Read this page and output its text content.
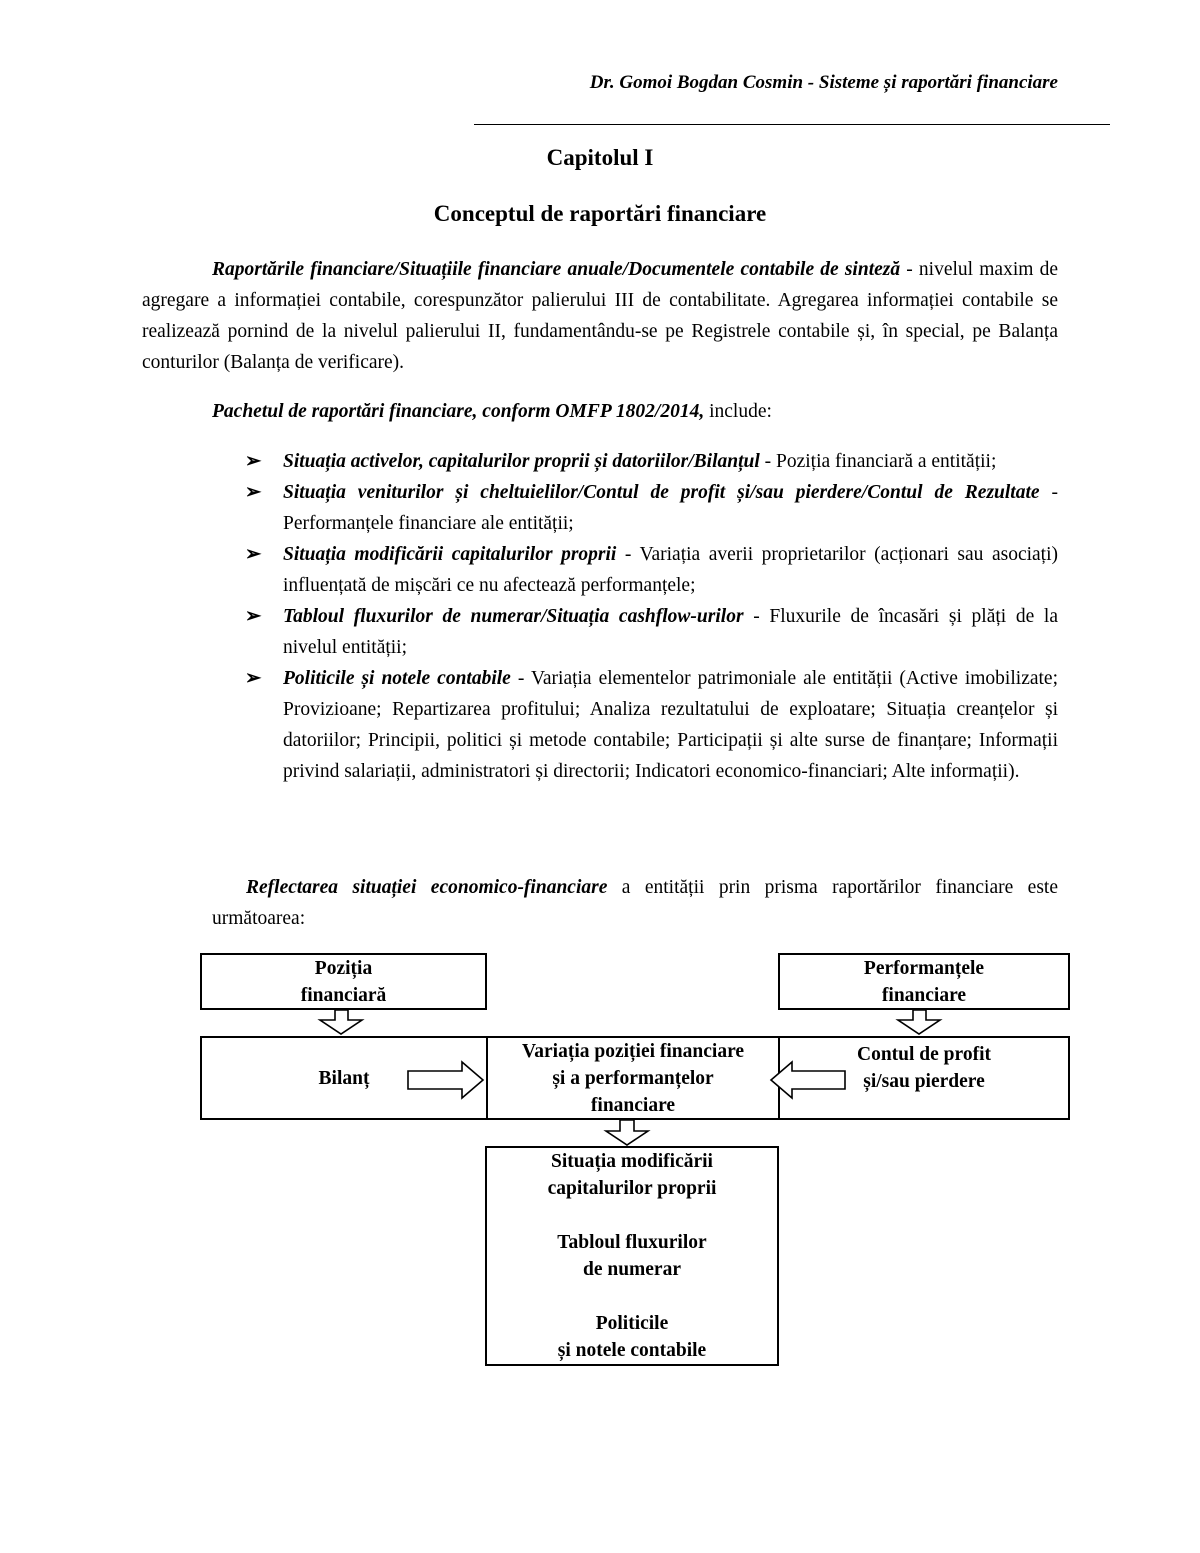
Dr. Gomoi Bogdan Cosmin - Sisteme și raportări financiare
Capitolul I
Conceptul de raportări financiare
Raportările financiare/Situațiile financiare anuale/Documentele contabile de sinteză - nivelul maxim de agregare a informației contabile, corespunzător palierului III de contabilitate. Agregarea informației contabile se realizează pornind de la nivelul palierului II, fundamentându-se pe Registrele contabile și, în special, pe Balanța conturilor (Balanța de verificare).
Pachetul de raportări financiare, conform OMFP 1802/2014, include:
➢ Situația activelor, capitalurilor proprii și datoriilor/Bilanțul - Poziția financiară a entității;
➢ Situația veniturilor și cheltuielilor/Contul de profit și/sau pierdere/Contul de Rezultate - Performanțele financiare ale entității;
➢ Situația modificării capitalurilor proprii - Variația averii proprietarilor (acționari sau asociați) influențată de mișcări ce nu afectează performanțele;
➢ Tabloul fluxurilor de numerar/Situația cashflow-urilor - Fluxurile de încasări și plăți de la nivelul entității;
➢ Politicile și notele contabile - Variația elementelor patrimoniale ale entității (Active imobilizate; Provizioane; Repartizarea profitului; Analiza rezultatului de exploatare; Situația creanțelor și datoriilor; Principii, politici și metode contabile; Participații și alte surse de finanțare; Informații privind salariații, administratori și directorii; Indicatori economico-financiari; Alte informații).
Reflectarea situației economico-financiare a entității prin prisma raportărilor financiare este următoarea:
Poziția
financiară
Performanțele
financiare
Bilanț
Variația poziției financiare
și a performanțelor
financiare
Contul de profit
și/sau pierdere
Situația modificării
capitalurilor proprii
Tabloul fluxurilor
de numerar
Politicile
și notele contabile
